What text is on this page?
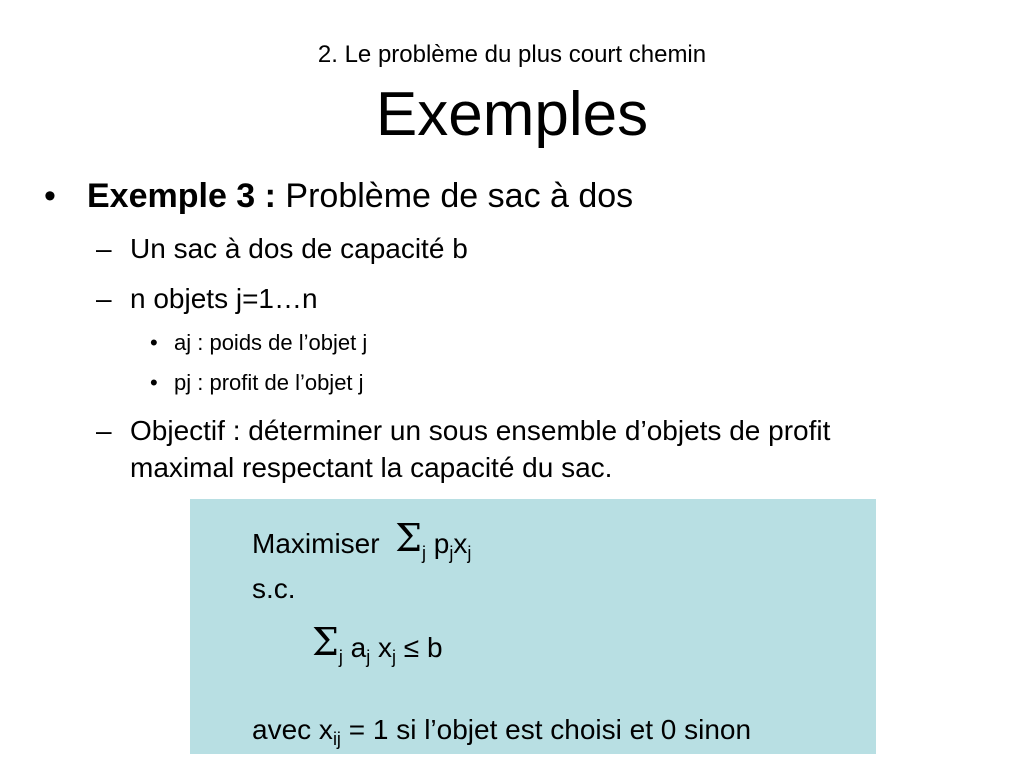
2. Le problème du plus court chemin
Exemples
• Exemple 3 : Problème de sac à dos
– Un sac à dos de capacité b
– n objets j=1…n
• aj : poids de l’objet j
• pj : profit de l’objet j
– Objectif : déterminer un sous ensemble d’objets de profit maximal respectant la capacité du sac.
Maximiser $\Sigma_j$ $p_jx_j$
s.c.
$\Sigma_j$ $a_j$ $x_j \le b$
avec $x_{ij} = 1$ si l’objet est choisi et 0 sinon
